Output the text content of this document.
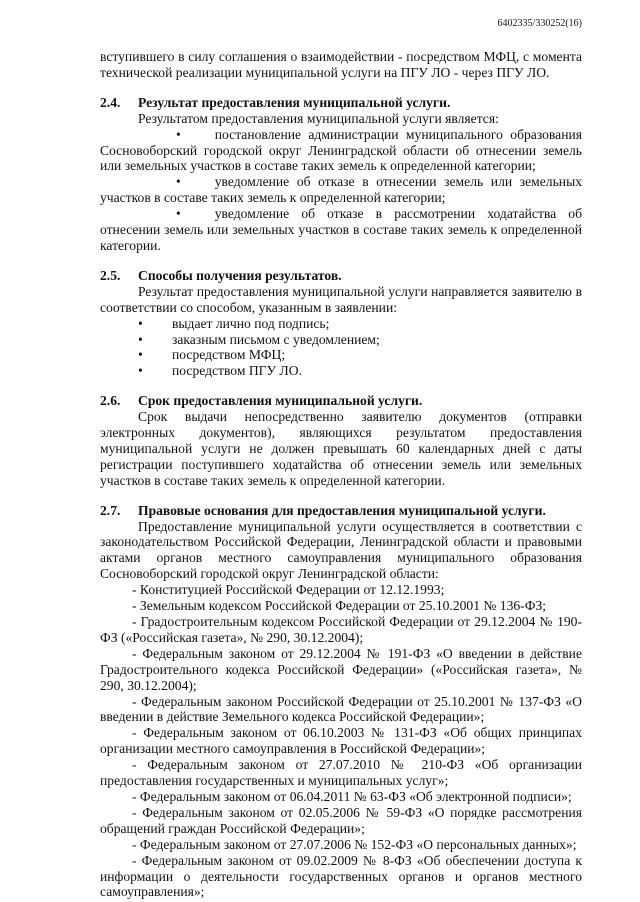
6402335/330252(16)

вступившего в силу соглашения о взаимодействии - посредством МФЦ, с момента технической реализации муниципальной услуги на ПГУ ЛО - через ПГУ ЛО.

2.4.	Результат предоставления муниципальной услуги.

Результатом предоставления муниципальной услуги является:

•          постановление администрации муниципального образования Сосновоборский городской округ Ленинградской области об отнесении земель или земельных участков в составе таких земель к определенной категории;

•          уведомление об отказе в отнесении земель или земельных участков в составе таких земель к определенной категории;

•          уведомление об отказе в рассмотрении ходатайства об отнесении земель или земельных участков в составе таких земель к определенной категории.

2.5.	Способы получения результатов.

Результат предоставления муниципальной услуги направляется заявителю в соответствии со способом, указанным в заявлении:

• выдает лично под подпись;

• заказным письмом с уведомлением;

• посредством МФЦ;

• посредством ПГУ ЛО.

2.6.	Срок предоставления муниципальной услуги.

Срок выдачи непосредственно заявителю документов (отправки электронных документов), являющихся результатом предоставления муниципальной услуги не должен превышать 60 календарных дней с даты регистрации поступившего ходатайства об отнесении земель или земельных участков в составе таких земель к определенной категории.

2.7.	Правовые основания для предоставления муниципальной услуги.

Предоставление муниципальной услуги осуществляется в соответствии с законодательством Российской Федерации, Ленинградской области и правовыми актами органов местного самоуправления муниципального образования Сосновоборский городской округ Ленинградской области:

- Конституцией Российской Федерации от 12.12.1993;

- Земельным кодексом Российской Федерации от 25.10.2001 № 136-ФЗ;

- Градостроительным кодексом Российской Федерации от 29.12.2004 № 190-ФЗ («Российская газета», № 290, 30.12.2004);

- Федеральным законом от 29.12.2004 № 191-ФЗ «О введении в действие Градостроительного кодекса Российской Федерации» («Российская газета», № 290, 30.12.2004);

- Федеральным законом Российской Федерации от 25.10.2001 № 137-ФЗ «О введении в действие Земельного кодекса Российской Федерации»;

- Федеральным законом от 06.10.2003 № 131-ФЗ «Об общих принципах организации местного самоуправления в Российской Федерации»;

- Федеральным законом от 27.07.2010 № 210-ФЗ «Об организации предоставления государственных и муниципальных услуг»;

- Федеральным законом от 06.04.2011 № 63-ФЗ «Об электронной подписи»;

- Федеральным законом от 02.05.2006 № 59-ФЗ «О порядке рассмотрения обращений граждан Российской Федерации»;

- Федеральным законом от 27.07.2006 № 152-ФЗ «О персональных данных»;

- Федеральным законом от 09.02.2009 № 8-ФЗ «Об обеспечении доступа к информации о деятельности государственных органов и органов местного самоуправления»;
